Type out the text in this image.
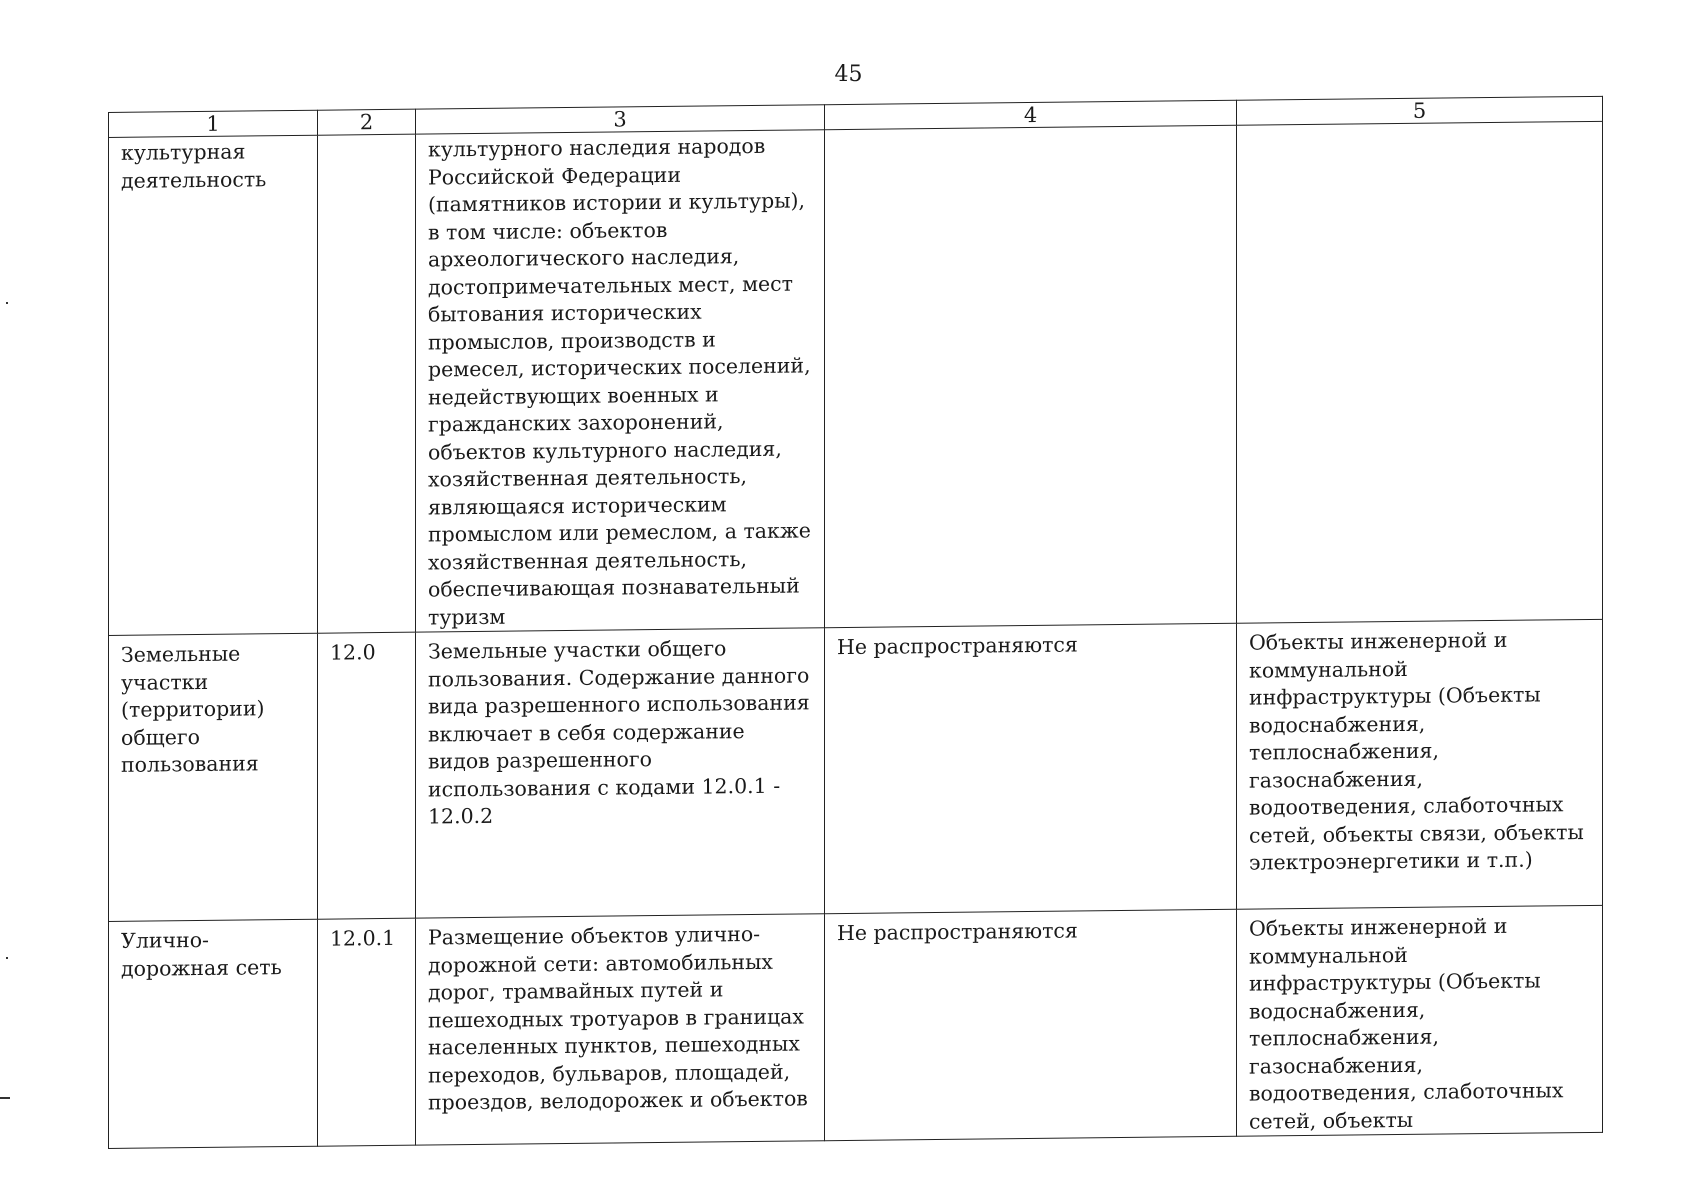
45
1	2	3	4	5
культурная деятельность		культурного наследия народов Российской Федерации (памятников истории и культуры), в том числе: объектов археологического наследия, достопримечательных мест, мест бытования исторических промыслов, производств и ремесел, исторических поселений, недействующих военных и гражданских захоронений, объектов культурного наследия, хозяйственная деятельность, являющаяся историческим промыслом или ремеслом, а также хозяйственная деятельность, обеспечивающая познавательный туризм		
Земельные участки (территории) общего пользования	12.0	Земельные участки общего пользования. Содержание данного вида разрешенного использования включает в себя содержание видов разрешенного использования с кодами 12.0.1 - 12.0.2	Не распространяются	Объекты инженерной и коммунальной инфраструктуры (Объекты водоснабжения, теплоснабжения, газоснабжения, водоотведения, слаботочных сетей, объекты связи, объекты электроэнергетики и т.п.)
Улично-дорожная сеть	12.0.1	Размещение объектов улично-дорожной сети: автомобильных дорог, трамвайных путей и пешеходных тротуаров в границах населенных пунктов, пешеходных переходов, бульваров, площадей, проездов, велодорожек и объектов	Не распространяются	Объекты инженерной и коммунальной инфраструктуры (Объекты водоснабжения, теплоснабжения, газоснабжения, водоотведения, слаботочных сетей, объекты
